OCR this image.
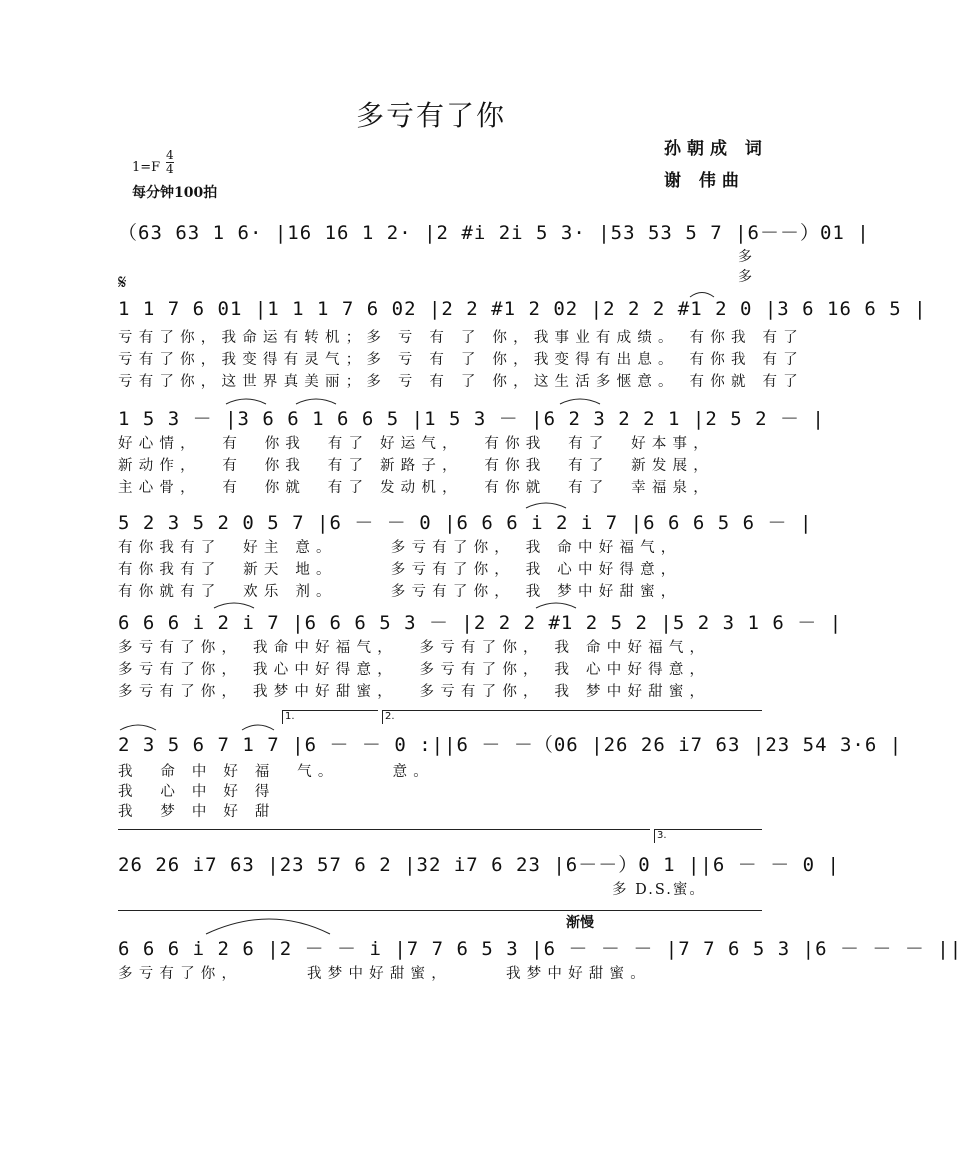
多亏有了你
孙朝成 词
谢 伟曲
$1=F \frac{4}{4}$
每分钟100拍
（63 63 1 6· |16 16 1 2· |2 #i 2i 5 3· |53 53 5 7 |6－－）01 |
多
多
𝄋
1 1 7 6 01 |1 1 1 7 6 02 |2 2 #1 2 02 |2 2 2 #1 2 0 |3 6 16 6 5 |
亏有了你，我命运有转机；多 亏 有 了 你，我事业有成绩。 有你我 有了
亏有了你，我变得有灵气；多 亏 有 了 你，我变得有出息。 有你我 有了
亏有了你，这世界真美丽；多 亏 有 了 你，这生活多惬意。 有你就 有了
1 5 3 － |3 6 6 1 6 6 5 |1 5 3 － |6 2 3 2 2 1 |2 5 2 － |
好心情，  有  你我  有了 好运气，  有你我  有了  好本事，
新动作，  有  你我  有了 新路子，  有你我  有了  新发展，
主心骨，  有  你就  有了 发动机，  有你就  有了  幸福泉，
5 2 3 5 2 0 5 7 |6 － － 0 |6 6 6 i 2 i 7 |6 6 6 5 6 － |
有你我有了  好主 意。     多亏有了你， 我 命中好福气，
有你我有了  新天 地。     多亏有了你， 我 心中好得意，
有你就有了  欢乐 剂。     多亏有了你， 我 梦中好甜蜜，
6 6 6 i 2 i 7 |6 6 6 5 3 － |2 2 2 #1 2 5 2 |5 2 3 1 6 － |
多亏有了你， 我命中好福气，  多亏有了你， 我 命中好福气，
多亏有了你， 我心中好得意，  多亏有了你， 我 心中好得意，
多亏有了你， 我梦中好甜蜜，  多亏有了你， 我 梦中好甜蜜，
1.	2.
2 3 5 6 7 1 7 |6 － － 0 :||6 － －（06 |26 26 i7 63 |23 54 3·6 |
我  命 中 好 福  气。     意。
我  心 中 好 得
我  梦 中 好 甜
3.
26 26 i7 63 |23 57 6 2 |32 i7 6 23 |6－－）0 1 ||6 － － 0 |
多 D.S.蜜。
渐慢
6 6 6 i 2 6 |2 － － i |7 7 6 5 3 |6 － － － |7 7 6 5 3 |6 － － － ||
多亏有了你，      我梦中好甜蜜，     我梦中好甜蜜。
